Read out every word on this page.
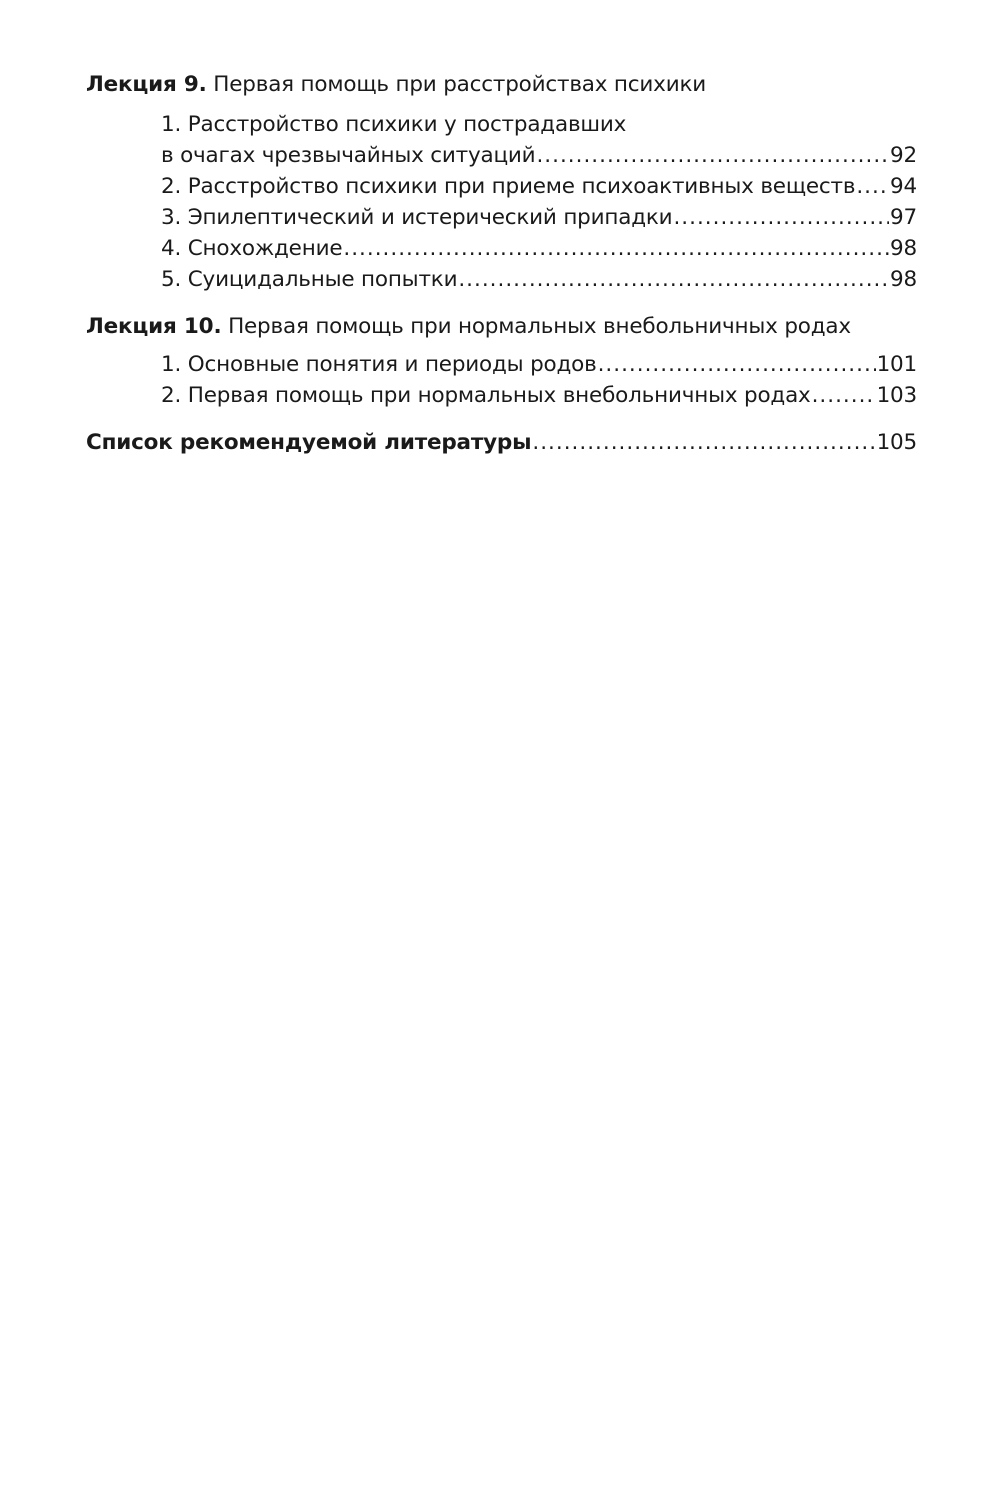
Лекция 9. Первая помощь при расстройствах психики
1. Расстройство психики у пострадавших
в очагах чрезвычайных ситуаций .....	92
2. Расстройство психики при приеме психоактивных веществ ..... 94
3. Эпилептический и истерический припадки .....	97
4. Снохождение .....	98
5. Суицидальные попытки .....	98
Лекция 10. Первая помощь при нормальных внебольничных родах
1. Основные понятия и периоды родов .....	101
2. Первая помощь при нормальных внебольничных родах .....	103
Список рекомендуемой литературы .....	105
